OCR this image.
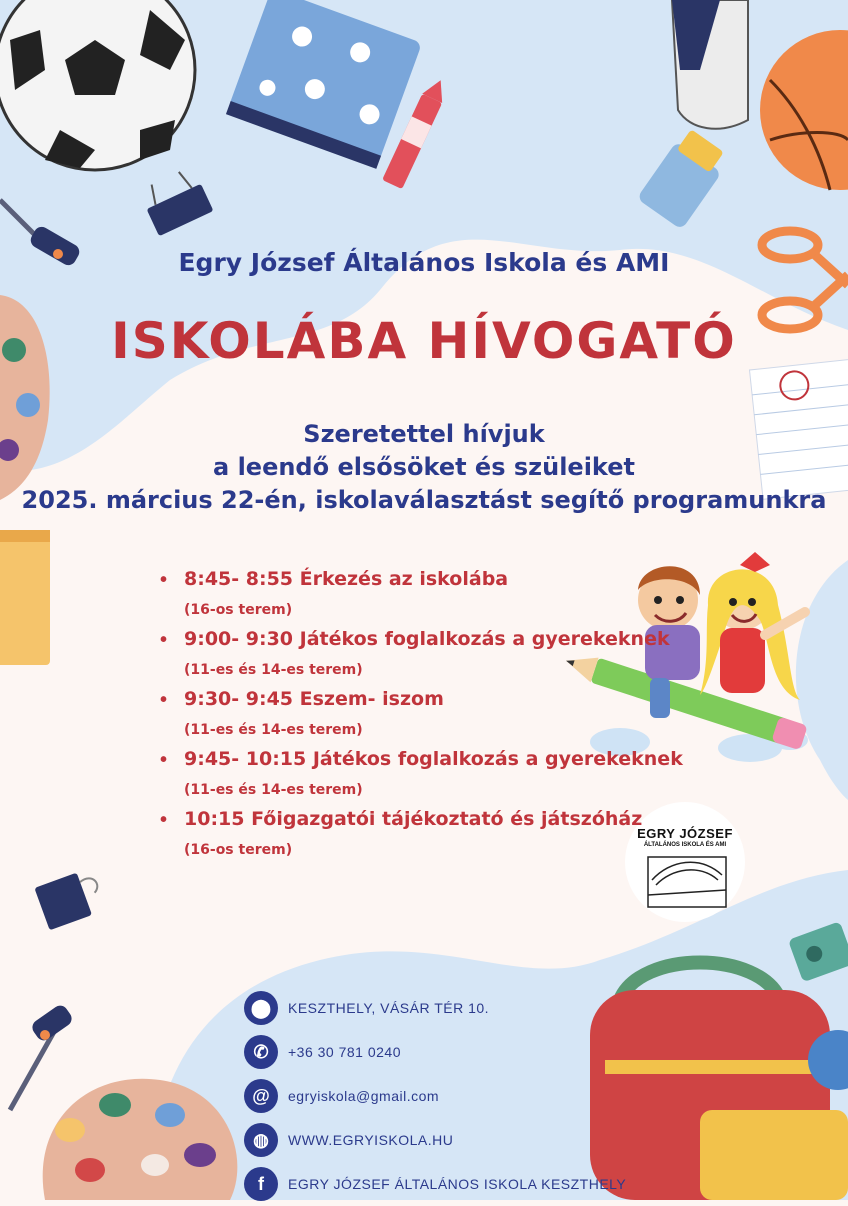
Egry József Általános Iskola és AMI
ISKOLÁBA HÍVOGATÓ
Szeretettel hívjuk
a leendő elsősöket és szüleiket
2025. március 22-én, iskolaválasztást segítő programunkra
• 8:45- 8:55 Érkezés az iskolába
(16-os terem)
• 9:00- 9:30 Játékos foglalkozás a gyerekeknek
(11-es és 14-es terem)
• 9:30- 9:45 Eszem- iszom
(11-es és 14-es terem)
• 9:45- 10:15 Játékos foglalkozás a gyerekeknek
(11-es és 14-es terem)
• 10:15 Főigazgatói tájékoztató és játszóház
(16-os terem)
EGRY JÓZSEF
ÁLTALÁNOS ISKOLA ÉS AMI
⬤	KESZTHELY, VÁSÁR TÉR 10.
✆	+36 30 781 0240
@	egryiskola@gmail.com
◍	WWW.EGRYISKOLA.HU
f	EGRY JÓZSEF ÁLTALÁNOS ISKOLA KESZTHELY
